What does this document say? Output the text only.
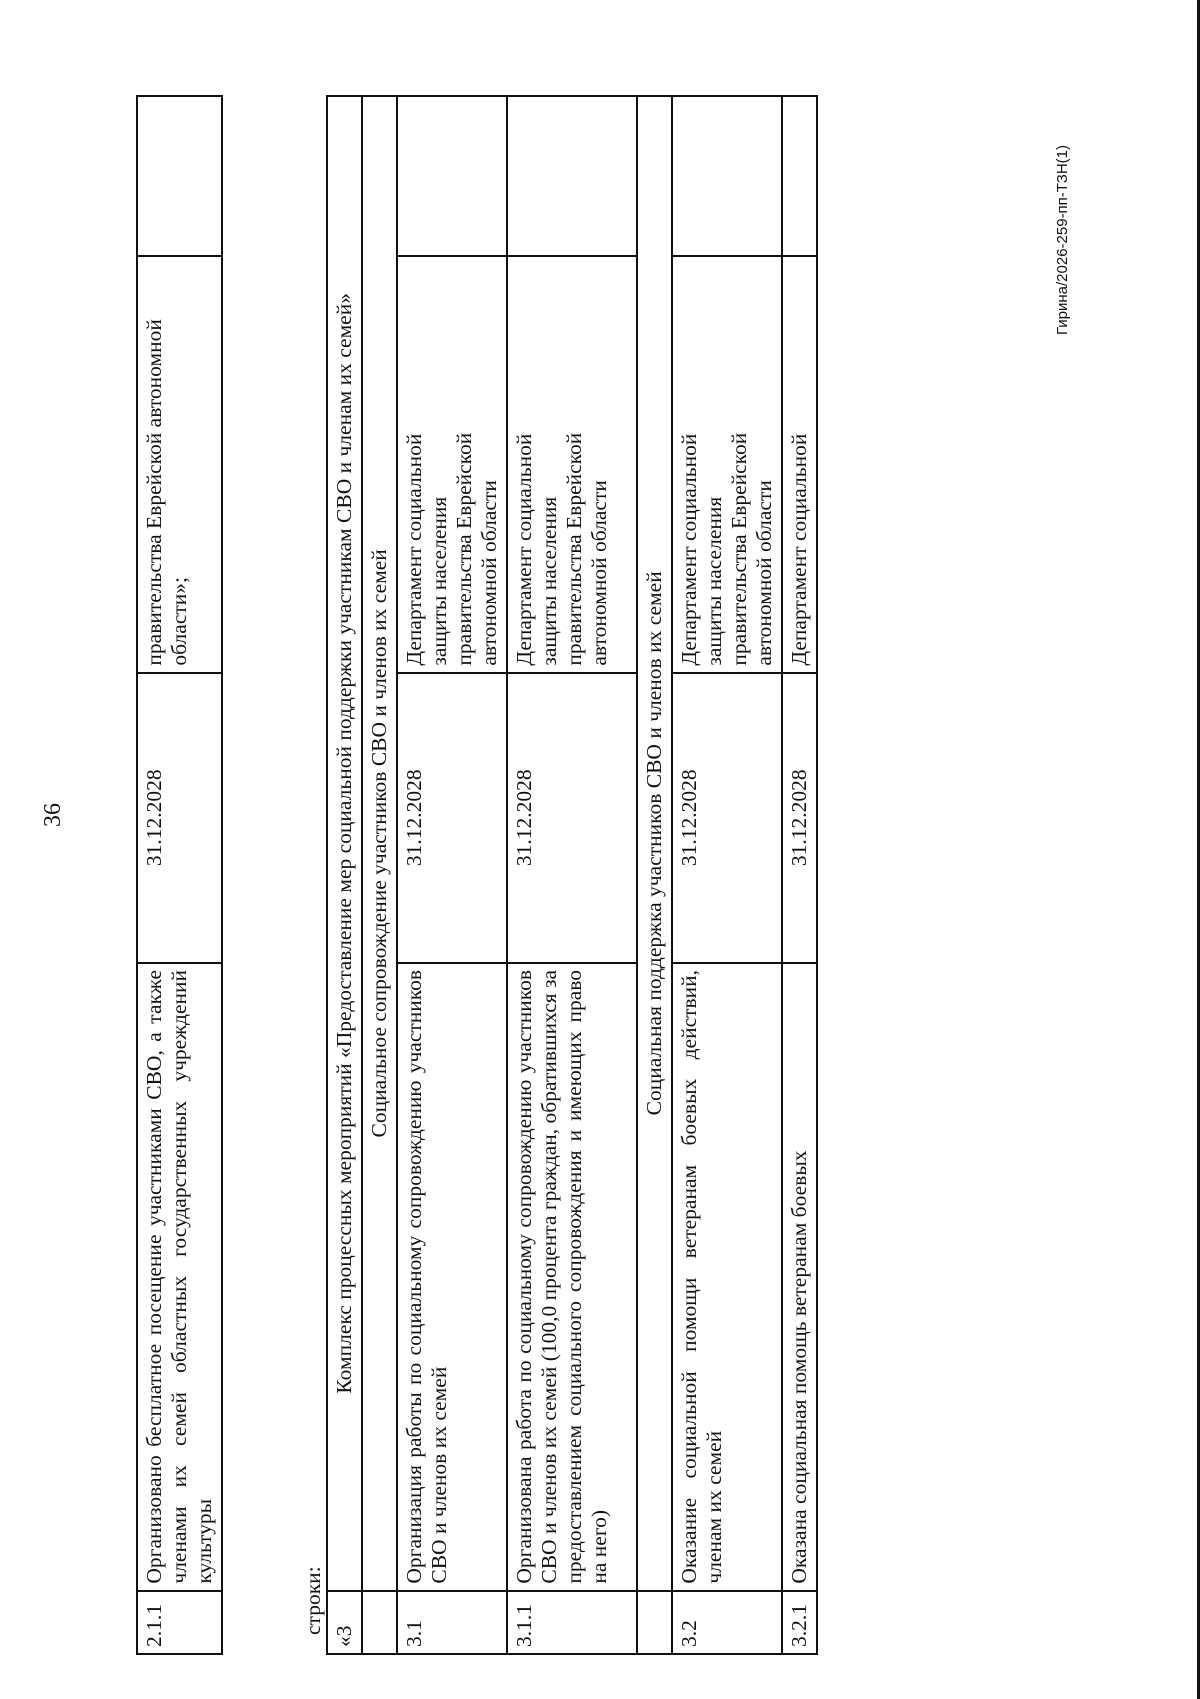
36
2.1.1	Организовано бесплатное посещение участниками СВО, а также членами их семей областных государственных учреждений культуры	31.12.2028	правительства Еврейской автономной области»;	
строки:
«3	Комплекс процессных мероприятий «Предоставление мер социальной поддержки участникам СВО и членам их семей»			
	Социальное сопровождение участников СВО и членов их семей			
3.1	Организация работы по социальному сопровождению участников СВО и членов их семей	31.12.2028	Департамент социальной защиты населения правительства Еврейской автономной области	

3.1.1	Организована работа по социальному сопровождению участников СВО и членов их семей (100,0 процента граждан, обратившихся за предоставлением социального сопровождения и имеющих право на него)	31.12.2028	Департамент социальной защиты населения правительства Еврейской автономной области	

	Социальная поддержка участников СВО и членов их семей			
3.2	Оказание социальной помощи ветеранам боевых действий, членам их семей	31.12.2028	Департамент социальной защиты населения правительства Еврейской автономной области	

3.2.1	Оказана социальная помощь ветеранам боевых	31.12.2028	Департамент социальной	
Гирина/2026-259-пп-ТЗН(1)
